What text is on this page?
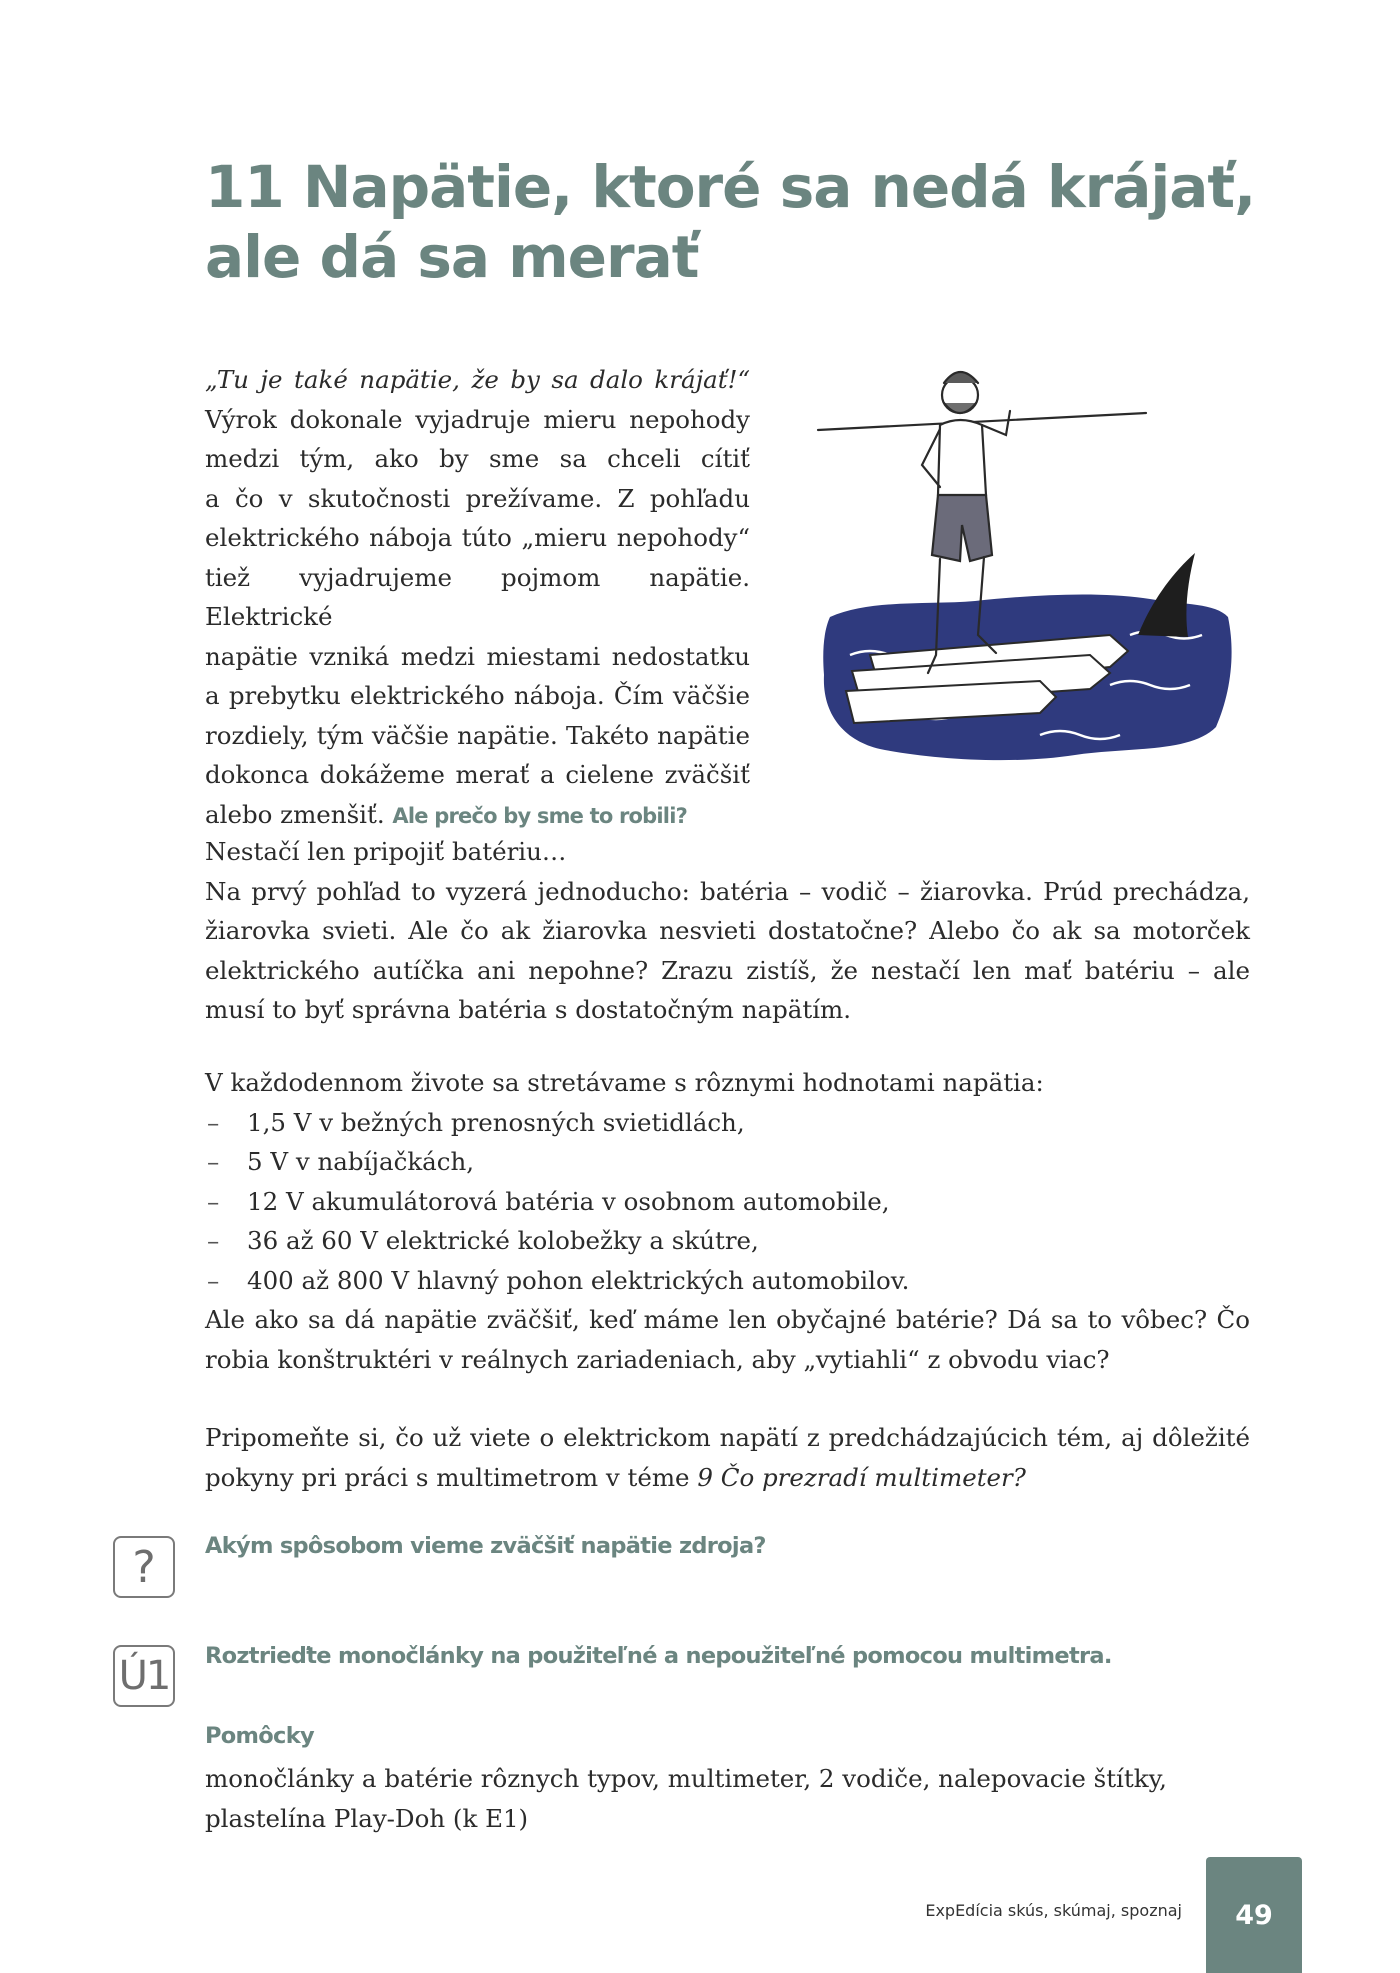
11 Napätie, ktoré sa nedá krájať,
ale dá sa merať
„Tu je také napätie, že by sa dalo krájať!“
Výrok dokonale vyjadruje mieru nepohody
medzi tým, ako by sme sa chceli cítiť
a čo v skutočnosti prežívame. Z pohľadu
elektrického náboja túto „mieru nepohody“
tiež vyjadrujeme pojmom napätie. Elektrické
napätie vzniká medzi miestami nedostatku
a prebytku elektrického náboja. Čím väčšie
rozdiely, tým väčšie napätie. Takéto napätie
dokonca dokážeme merať a cielene zväčšiť
alebo zmenšiť. Ale prečo by sme to robili?
Nestačí len pripojiť batériu…
Na prvý pohľad to vyzerá jednoducho: batéria – vodič – žiarovka. Prúd prechádza, žiarovka svieti. Ale čo ak žiarovka nesvieti dostatočne? Alebo čo ak sa motorček elektrického autíčka ani nepohne? Zrazu zistíš, že nestačí len mať batériu – ale musí to byť správna batéria s dostatočným napätím.
V každodennom živote sa stretávame s rôznymi hodnotami napätia:
– 1,5 V v bežných prenosných svietidlách,
– 5 V v nabíjačkách,
– 12 V akumulátorová batéria v osobnom automobile,
– 36 až 60 V elektrické kolobežky a skútre,
– 400 až 800 V hlavný pohon elektrických automobilov.
Ale ako sa dá napätie zväčšiť, keď máme len obyčajné batérie? Dá sa to vôbec? Čo robia konštruktéri v reálnych zariadeniach, aby „vytiahli“ z obvodu viac?
Pripomeňte si, čo už viete o elektrickom napätí z predchádzajúcich tém, aj dôležité pokyny pri práci s multimetrom v téme 9 Čo prezradí multimeter?
?	Akým spôsobom vieme zväčšiť napätie zdroja?
Ú1 Roztrieďte monočlánky na použiteľné a nepoužiteľné pomocou multimetra.
Pomôcky
monočlánky a batérie rôznych typov, multimeter, 2 vodiče, nalepovacie štítky, plastelína Play-Doh (k E1)
ExpEdícia skús, skúmaj, spoznaj	49
